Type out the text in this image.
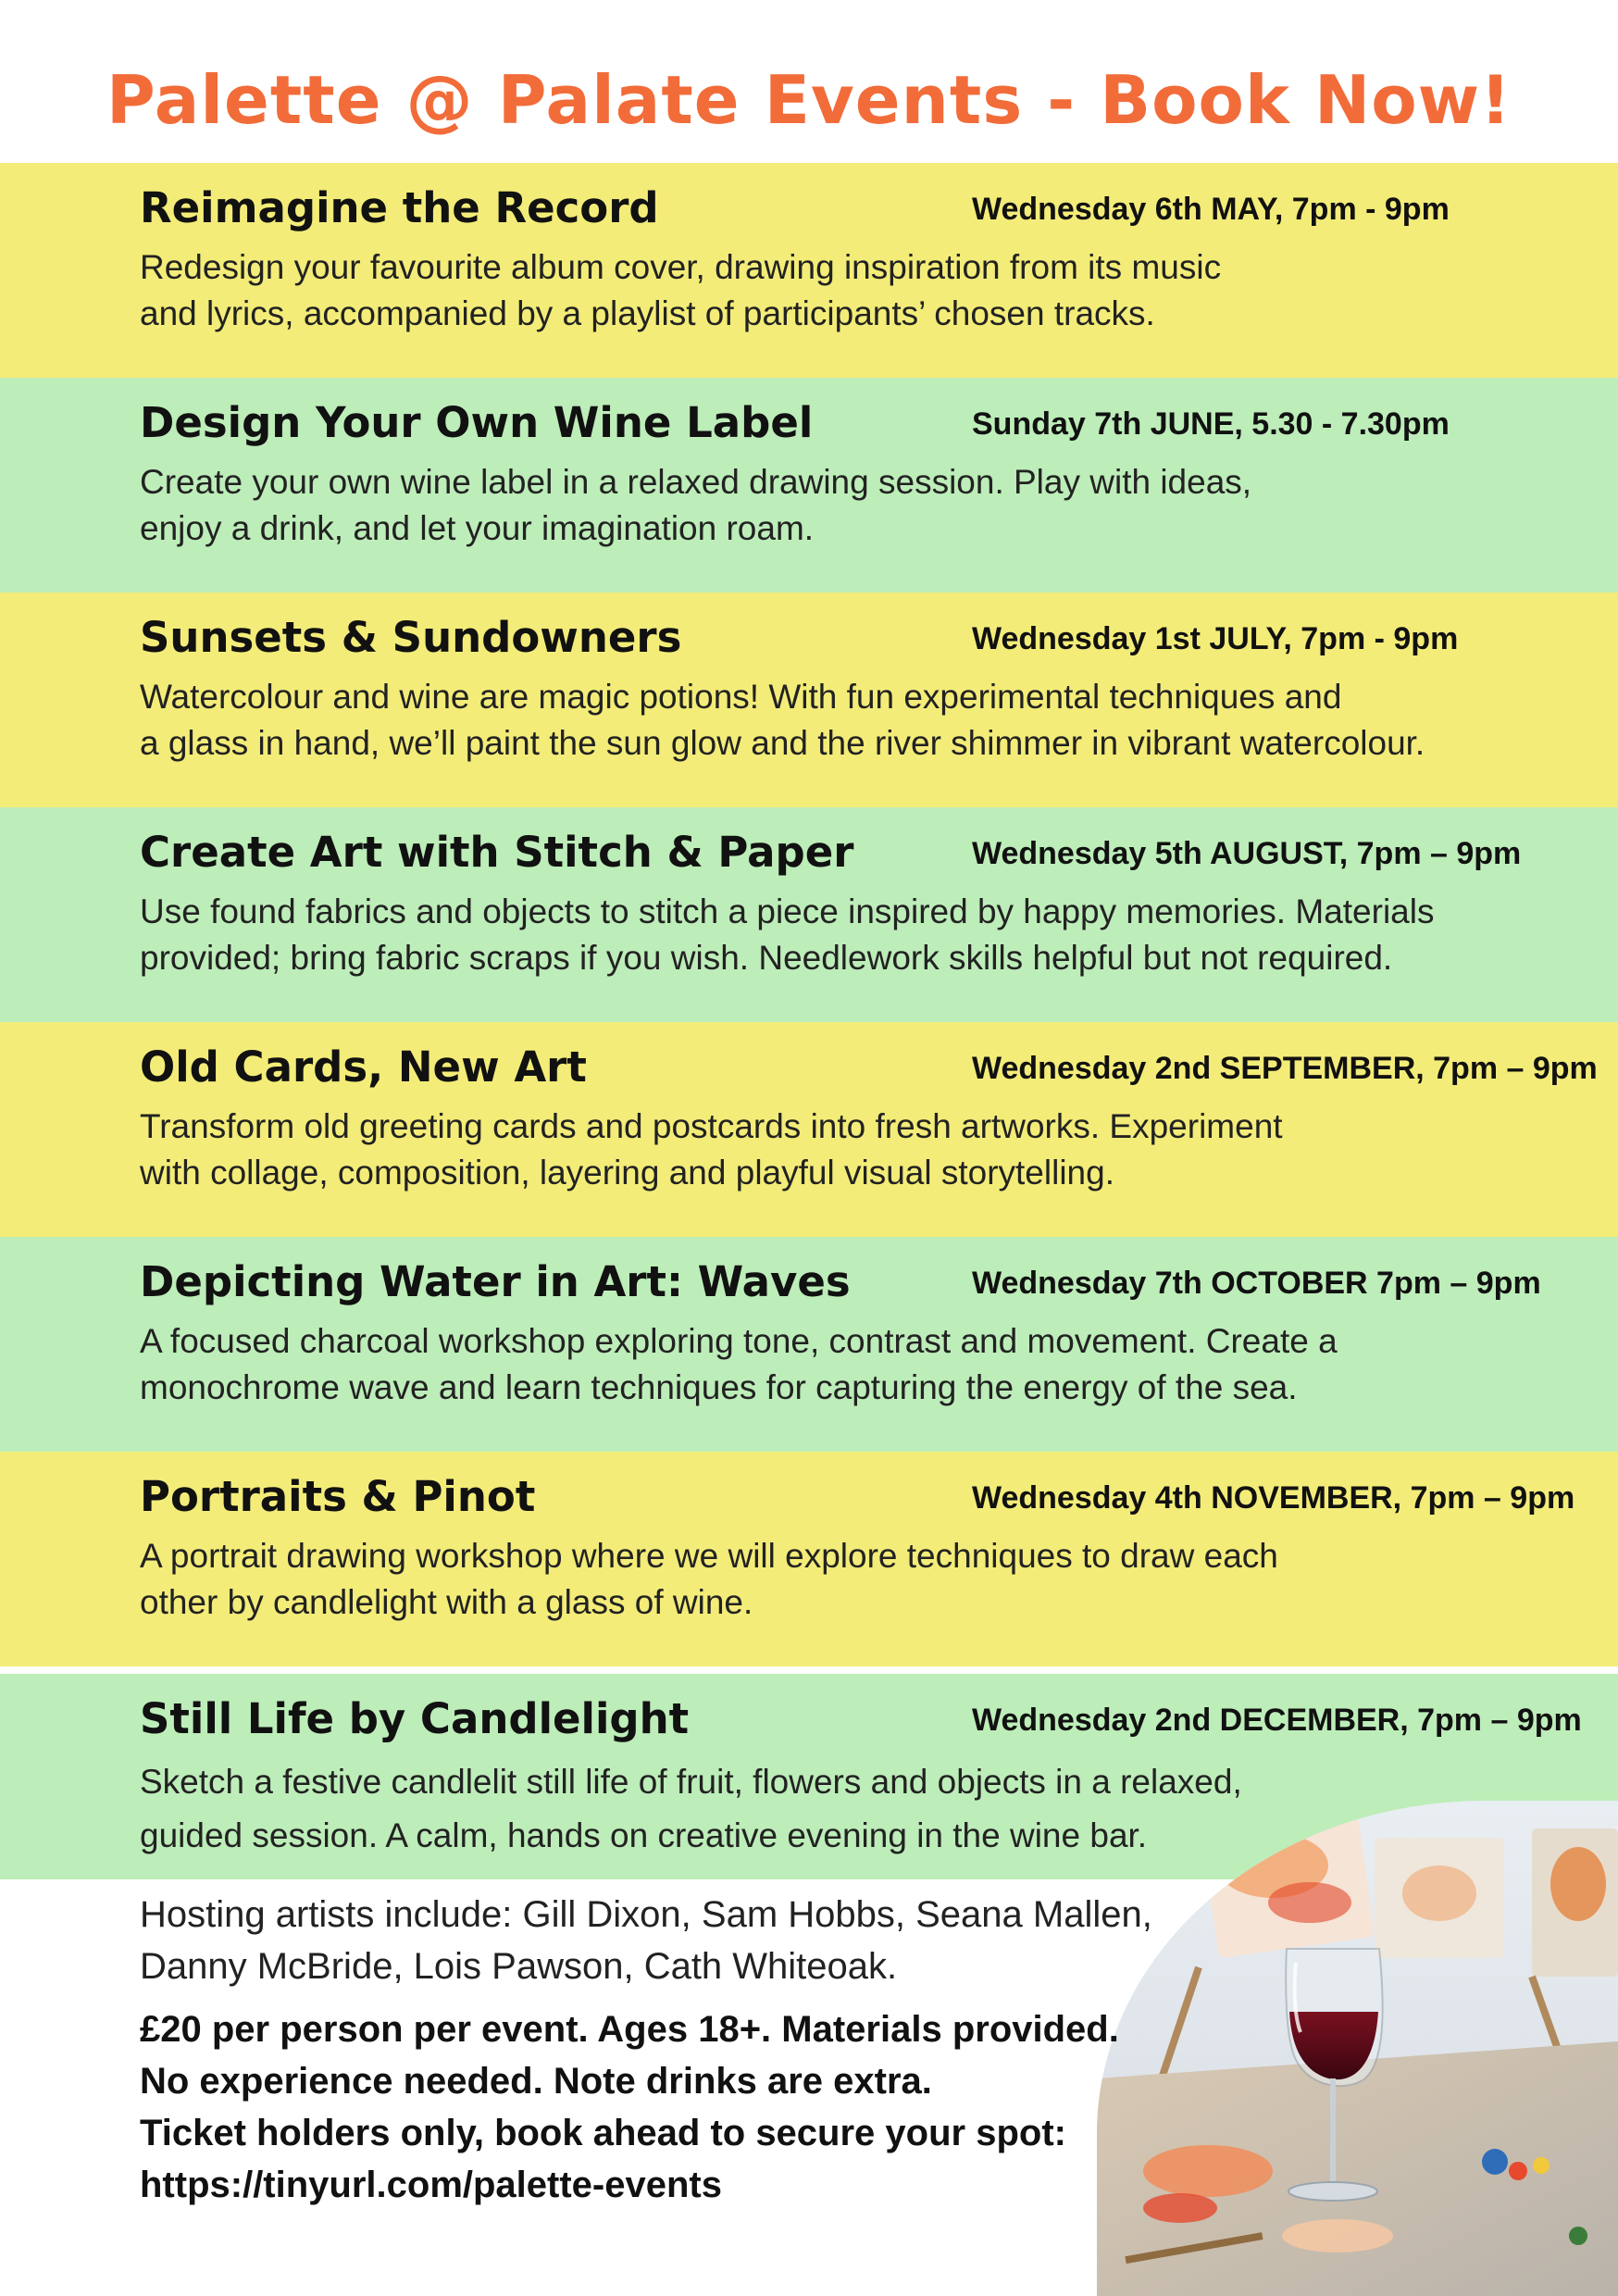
Palette @ Palate Events - Book Now!
Reimagine the Record	Wednesday 6th MAY, 7pm - 9pm
Redesign your favourite album cover, drawing inspiration from its music
and lyrics, accompanied by a playlist of participants’ chosen tracks.
Design Your Own Wine Label	Sunday 7th JUNE, 5.30 - 7.30pm
Create your own wine label in a relaxed drawing session. Play with ideas,
enjoy a drink, and let your imagination roam.
Sunsets & Sundowners	Wednesday 1st JULY, 7pm - 9pm
Watercolour and wine are magic potions! With fun experimental techniques and
a glass in hand, we’ll paint the sun glow and the river shimmer in vibrant watercolour.
Create Art with Stitch & Paper	Wednesday 5th AUGUST, 7pm – 9pm
Use found fabrics and objects to stitch a piece inspired by happy memories. Materials
provided; bring fabric scraps if you wish. Needlework skills helpful but not required.
Old Cards, New Art	Wednesday 2nd SEPTEMBER, 7pm – 9pm
Transform old greeting cards and postcards into fresh artworks. Experiment
with collage, composition, layering and playful visual storytelling.
Depicting Water in Art: Waves	Wednesday 7th OCTOBER 7pm – 9pm
A focused charcoal workshop exploring tone, contrast and movement. Create a
monochrome wave and learn techniques for capturing the energy of the sea.
Portraits & Pinot	Wednesday 4th NOVEMBER, 7pm – 9pm
A portrait drawing workshop where we will explore techniques to draw each
other by candlelight with a glass of wine.
Still Life by Candlelight	Wednesday 2nd DECEMBER, 7pm – 9pm
Sketch a festive candlelit still life of fruit, flowers and objects in a relaxed,
guided session. A calm, hands on creative evening in the wine bar.
Hosting artists include: Gill Dixon, Sam Hobbs, Seana Mallen,
Danny McBride, Lois Pawson, Cath Whiteoak.
£20 per person per event. Ages 18+. Materials provided.
No experience needed. Note drinks are extra.
Ticket holders only, book ahead to secure your spot:
https://tinyurl.com/palette-events
